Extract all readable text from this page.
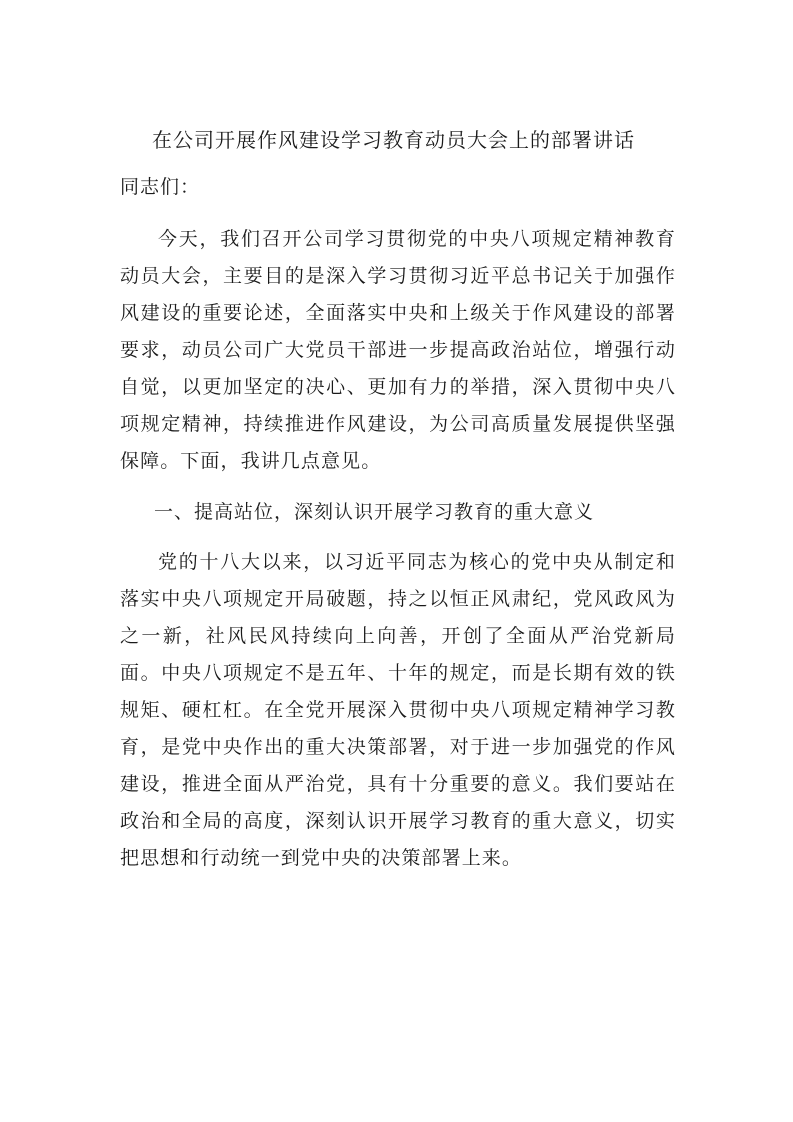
在公司开展作风建设学习教育动员大会上的部署讲话

同志们：

今天，我们召开公司学习贯彻党的中央八项规定精神教育动员大会，主要目的是深入学习贯彻习近平总书记关于加强作风建设的重要论述，全面落实中央和上级关于作风建设的部署要求，动员公司广大党员干部进一步提高政治站位，增强行动自觉，以更加坚定的决心、更加有力的举措，深入贯彻中央八项规定精神，持续推进作风建设，为公司高质量发展提供坚强保障。下面，我讲几点意见。

一、提高站位，深刻认识开展学习教育的重大意义

党的十八大以来，以习近平同志为核心的党中央从制定和落实中央八项规定开局破题，持之以恒正风肃纪，党风政风为之一新，社风民风持续向上向善，开创了全面从严治党新局面。中央八项规定不是五年、十年的规定，而是长期有效的铁规矩、硬杠杠。在全党开展深入贯彻中央八项规定精神学习教育，是党中央作出的重大决策部署，对于进一步加强党的作风建设，推进全面从严治党，具有十分重要的意义。我们要站在政治和全局的高度，深刻认识开展学习教育的重大意义，切实把思想和行动统一到党中央的决策部署上来。
